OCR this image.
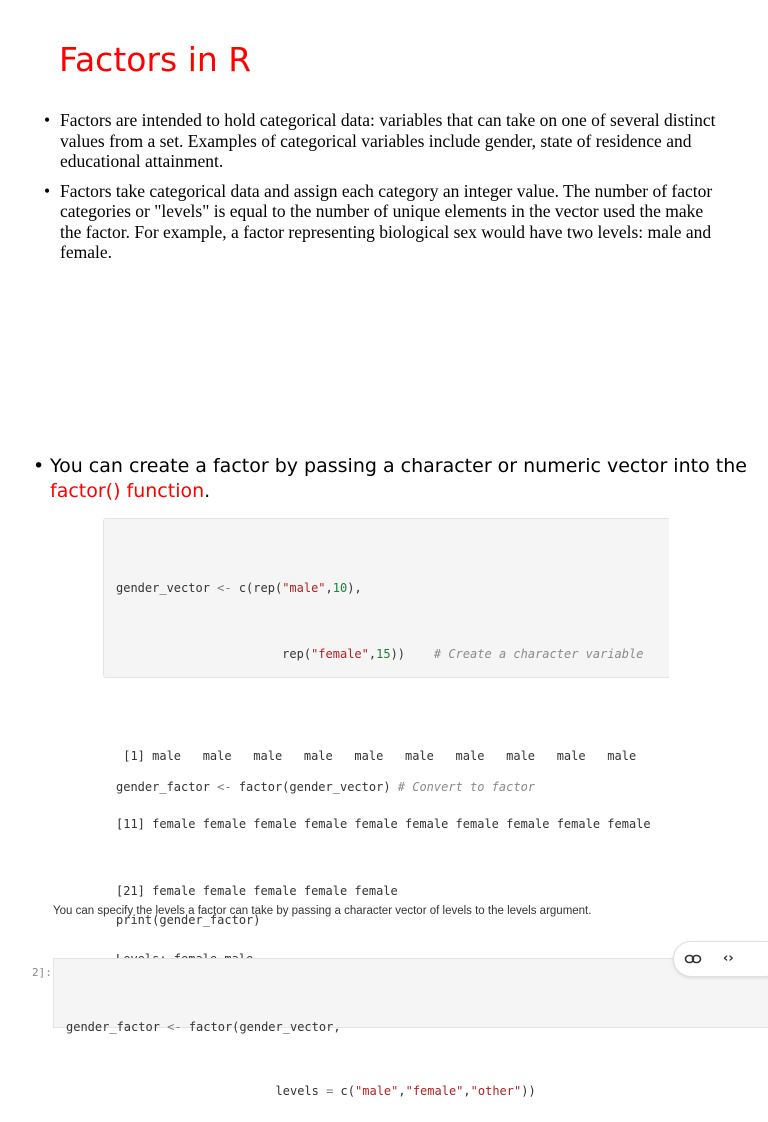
Factors in R
• Factors are intended to hold categorical data: variables that can take on one of several distinct values from a set. Examples of categorical variables include gender, state of residence and educational attainment.
• Factors take categorical data and assign each category an integer value. The number of factor categories or "levels" is equal to the number of unique elements in the vector used the make the factor. For example, a factor representing biological sex would have two levels: male and female.
• You can create a factor by passing a character or numeric vector into the factor() function.

gender_vector <- c(rep("male",10),

rep("female",15))    # Create a character variable

gender_factor <- factor(gender_vector) # Convert to factor

print(gender_factor)

[1] male   male   male   male   male   male   male   male   male   male

[11] female female female female female female female female female female

[21] female female female female female

You can specify the levels a factor can take by passing a character vector of levels to the levels argument.
2]:

gender_factor <- factor(gender_vector,

levels = c("male","female","other"))

‹›
